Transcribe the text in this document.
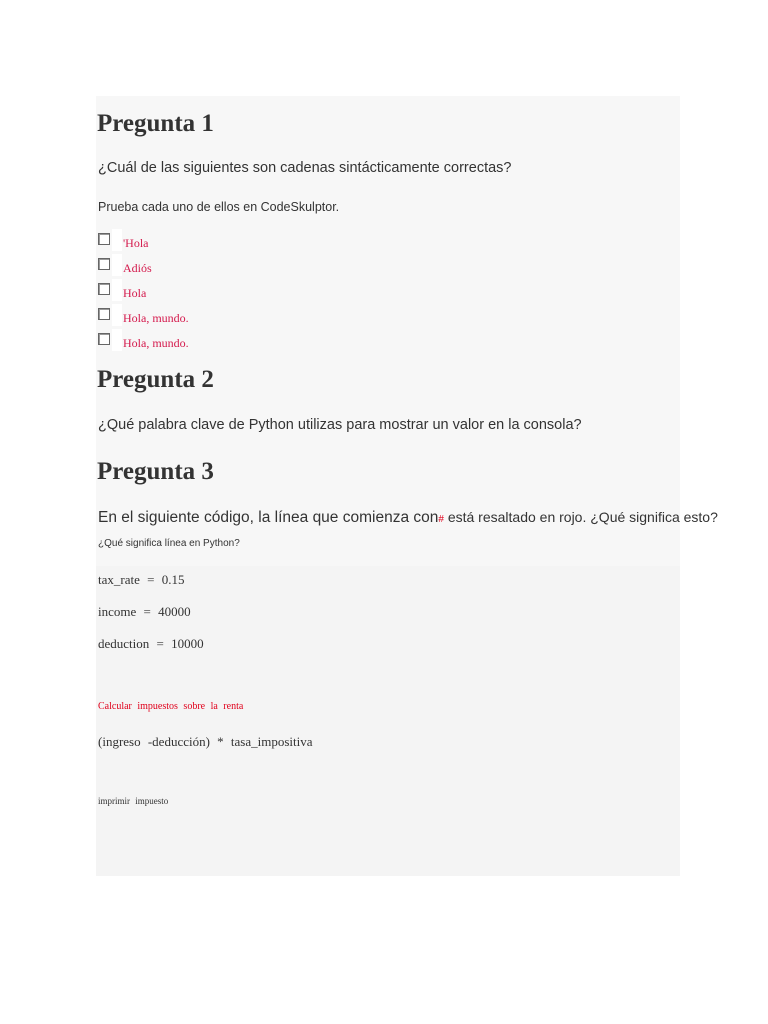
Pregunta 1
¿Cuál de las siguientes son cadenas sintácticamente correctas?
Prueba cada uno de ellos en CodeSkulptor.
'Hola
Adiós
Hola
Hola, mundo.
Hola, mundo.
Pregunta 2
¿Qué palabra clave de Python utilizas para mostrar un valor en la consola?
Pregunta 3
En el siguiente código, la línea que comienza con# está resaltado en rojo. ¿Qué significa esto?
¿Qué significa línea en Python?
tax_rate = 0.15
income = 40000
deduction = 10000
Calcular impuestos sobre la renta
(ingreso -deducción) * tasa_impositiva
imprimir impuesto
